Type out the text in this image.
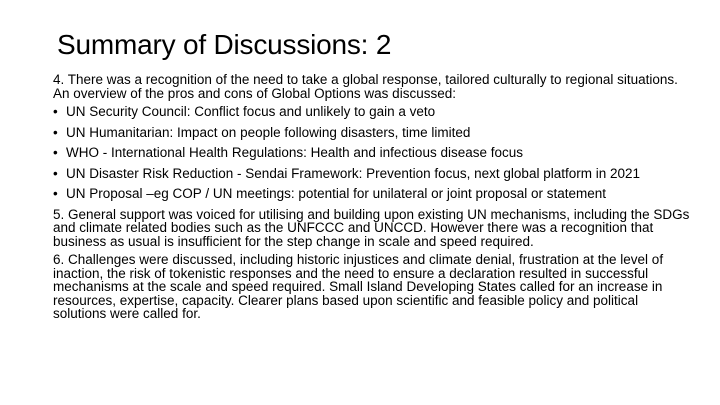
Summary of Discussions: 2

4. There was a recognition of the need to take a global response, tailored culturally to regional situations. An overview of the pros and cons of Global Options was discussed:

• UN Security Council: Conflict focus and unlikely to gain a veto
• UN Humanitarian: Impact on people following disasters, time limited
• WHO - International Health Regulations: Health and infectious disease focus
• UN Disaster Risk Reduction - Sendai Framework: Prevention focus, next global platform in 2021
• UN Proposal –eg COP / UN meetings: potential for unilateral or joint proposal or statement

5. General support was voiced for utilising and building upon existing UN mechanisms, including the SDGs and climate related bodies such as the UNFCCC and UNCCD. However there was a recognition that business as usual is insufficient for the step change in scale and speed required.

6. Challenges were discussed, including historic injustices and climate denial, frustration at the level of inaction, the risk of tokenistic responses and the need to ensure a declaration resulted in successful mechanisms at the scale and speed required. Small Island Developing States called for an increase in resources, expertise, capacity. Clearer plans based upon scientific and feasible policy and political solutions were called for.
